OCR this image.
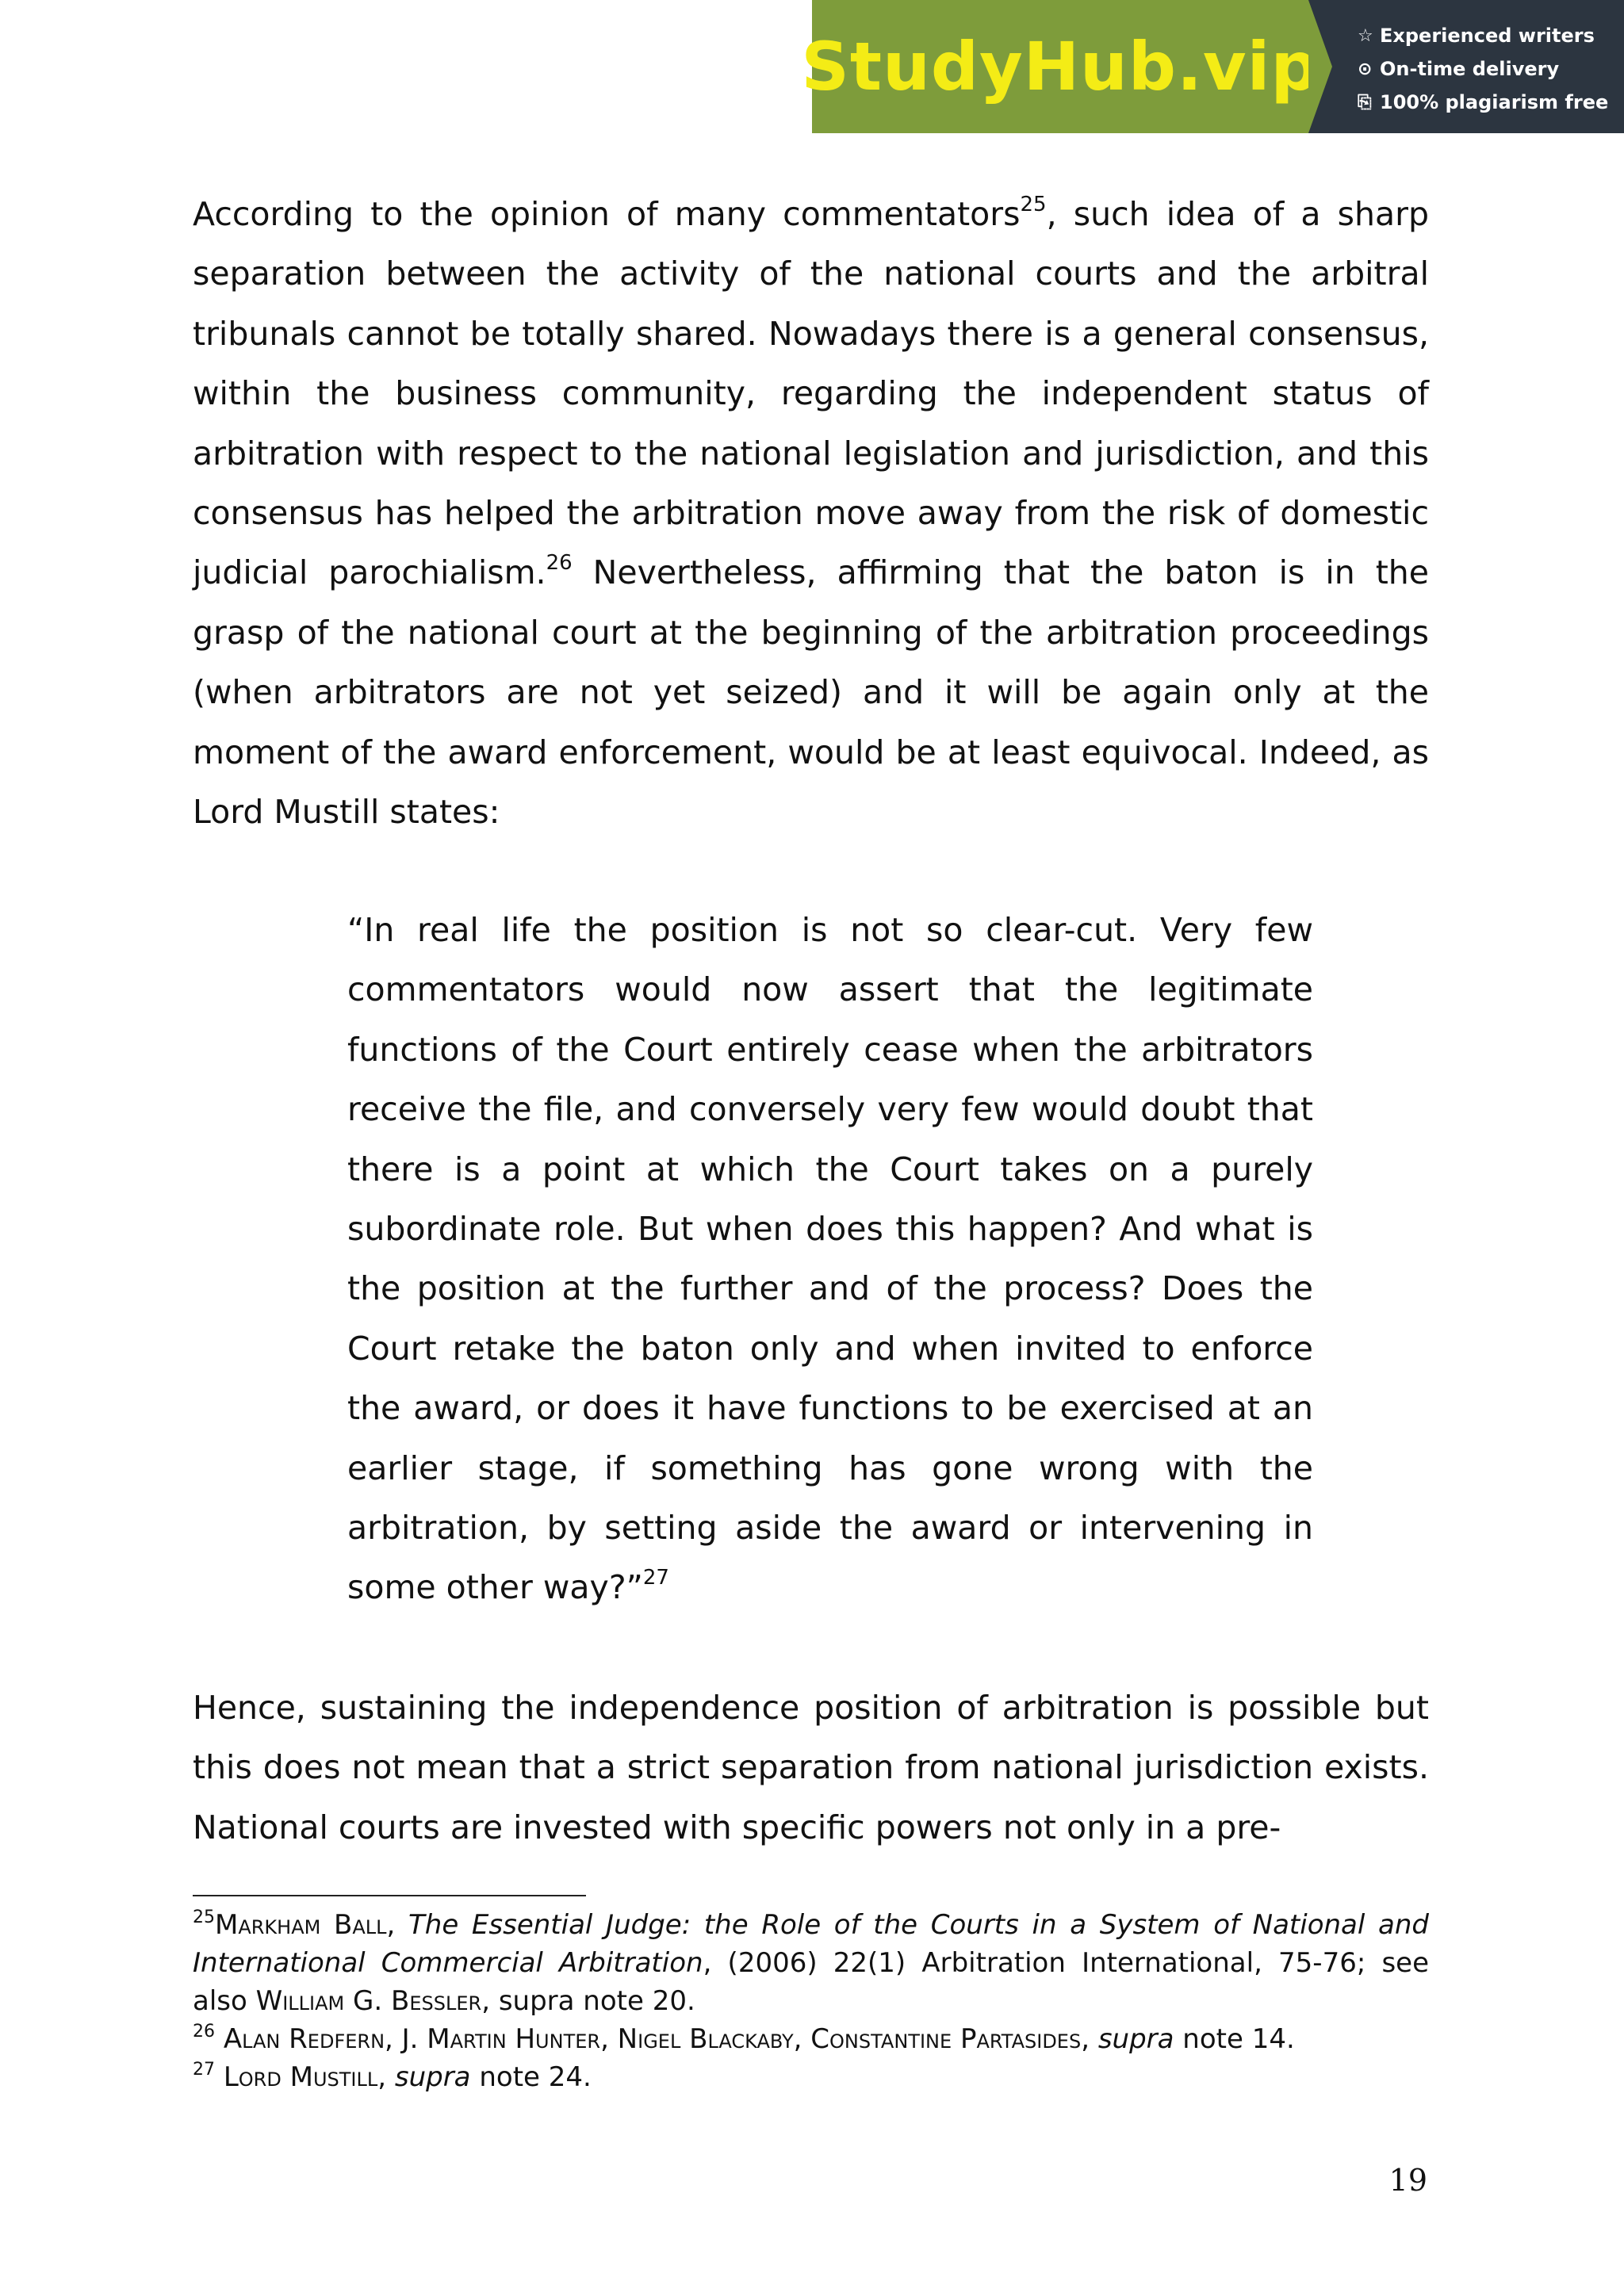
StudyHub.vip ☆ Experienced writers
⊙ On-time delivery
⎘ 100% plagiarism free
According to the opinion of many commentators$^{25}$, such idea of a sharp separation between the activity of the national courts and the arbitral tribunals cannot be totally shared. Nowadays there is a general consensus, within the business community, regarding the independent status of arbitration with respect to the national legislation and jurisdiction, and this consensus has helped the arbitration move away from the risk of domestic judicial parochialism.$^{26}$ Nevertheless, affirming that the baton is in the grasp of the national court at the beginning of the arbitration proceedings (when arbitrators are not yet seized) and it will be again only at the moment of the award enforcement, would be at least equivocal. Indeed, as Lord Mustill states:
“In real life the position is not so clear-cut. Very few commentators would now assert that the legitimate functions of the Court entirely cease when the arbitrators receive the file, and conversely very few would doubt that there is a point at which the Court takes on a purely subordinate role. But when does this happen? And what is the position at the further and of the process? Does the Court retake the baton only and when invited to enforce the award, or does it have functions to be exercised at an earlier stage, if something has gone wrong with the arbitration, by setting aside the award or intervening in some other way?”$^{27}$
Hence, sustaining the independence position of arbitration is possible but this does not mean that a strict separation from national jurisdiction exists. National courts are invested with specific powers not only in a pre-
$^{25}$Markham Ball, The Essential Judge: the Role of the Courts in a System of National and International Commercial Arbitration, (2006) 22(1) Arbitration International, 75-76; see also William G. Bessler, supra note 20.
$^{26}$ Alan Redfern, J. Martin Hunter, Nigel Blackaby, Constantine Partasides, supra note 14.
$^{27}$ Lord Mustill, supra note 24.
19
